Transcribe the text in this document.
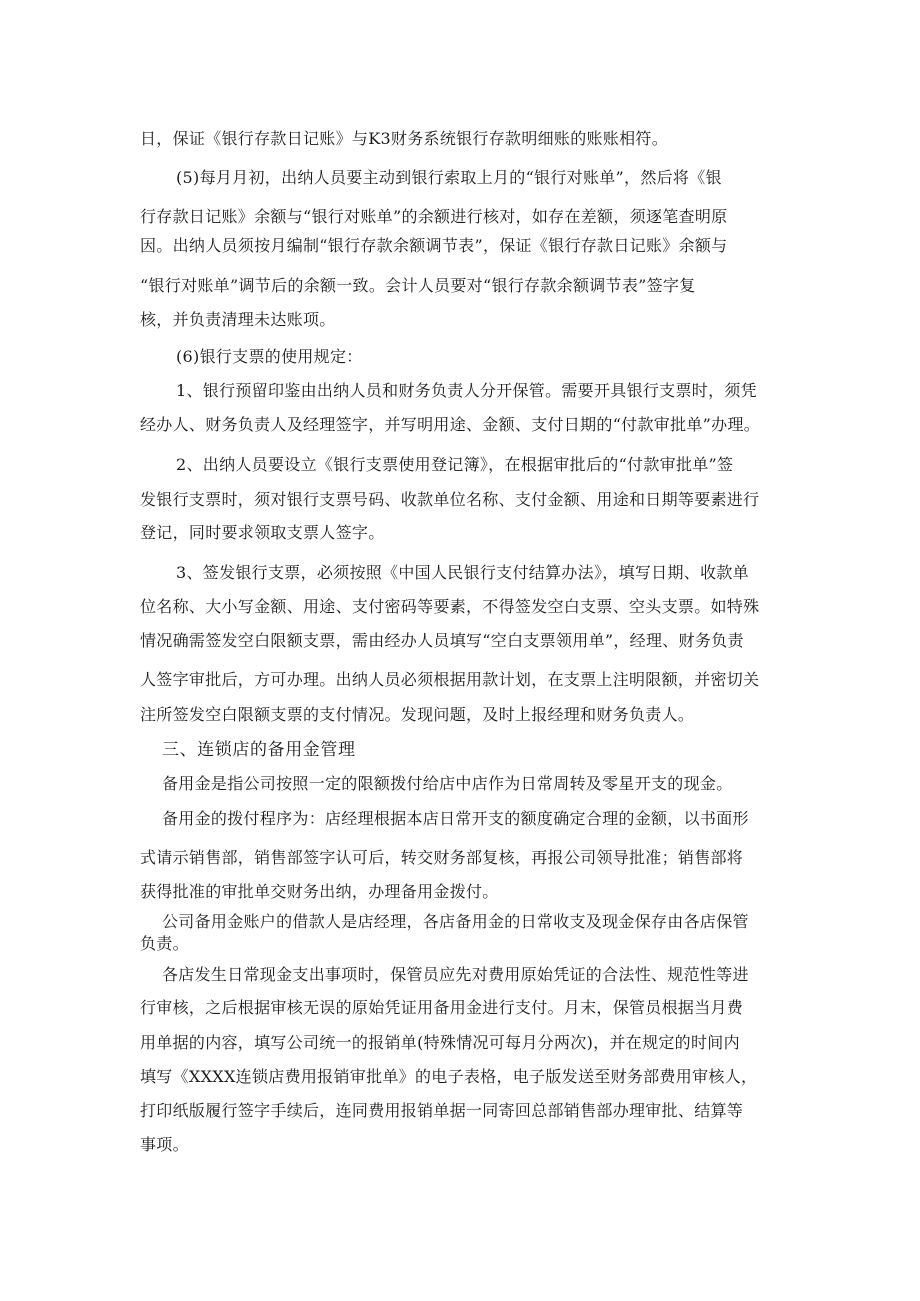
日，保证《银行存款日记账》与K3财务系统银行存款明细账的账账相符。
(5)每月月初，出纳人员要主动到银行索取上月的“银行对账单”，然后将《银
行存款日记账》余额与“银行对账单”的余额进行核对，如存在差额，须逐笔查明原
因。出纳人员须按月编制“银行存款余额调节表”，保证《银行存款日记账》余额与
“银行对账单”调节后的余额一致。会计人员要对“银行存款余额调节表”签字复
核，并负责清理未达账项。
(6)银行支票的使用规定：
1、银行预留印鉴由出纳人员和财务负责人分开保管。需要开具银行支票时，须凭
经办人、财务负责人及经理签字，并写明用途、金额、支付日期的“付款审批单”办理。
2、出纳人员要设立《银行支票使用登记簿》，在根据审批后的“付款审批单”签
发银行支票时，须对银行支票号码、收款单位名称、支付金额、用途和日期等要素进行
登记，同时要求领取支票人签字。
3、签发银行支票，必须按照《中国人民银行支付结算办法》，填写日期、收款单
位名称、大小写金额、用途、支付密码等要素，不得签发空白支票、空头支票。如特殊
情况确需签发空白限额支票，需由经办人员填写“空白支票领用单”，经理、财务负责
人签字审批后，方可办理。出纳人员必须根据用款计划，在支票上注明限额，并密切关
注所签发空白限额支票的支付情况。发现问题，及时上报经理和财务负责人。
三、连锁店的备用金管理
备用金是指公司按照一定的限额拨付给店中店作为日常周转及零星开支的现金。
备用金的拨付程序为：店经理根据本店日常开支的额度确定合理的金额，以书面形
式请示销售部，销售部签字认可后，转交财务部复核，再报公司领导批准；销售部将
获得批准的审批单交财务出纳，办理备用金拨付。
公司备用金账户的借款人是店经理，各店备用金的日常收支及现金保存由各店保管
负责。
各店发生日常现金支出事项时，保管员应先对费用原始凭证的合法性、规范性等进
行审核，之后根据审核无误的原始凭证用备用金进行支付。月末，保管员根据当月费
用单据的内容，填写公司统一的报销单(特殊情况可每月分两次)，并在规定的时间内
填写《XXXX连锁店费用报销审批单》的电子表格，电子版发送至财务部费用审核人，
打印纸版履行签字手续后，连同费用报销单据一同寄回总部销售部办理审批、结算等
事项。
